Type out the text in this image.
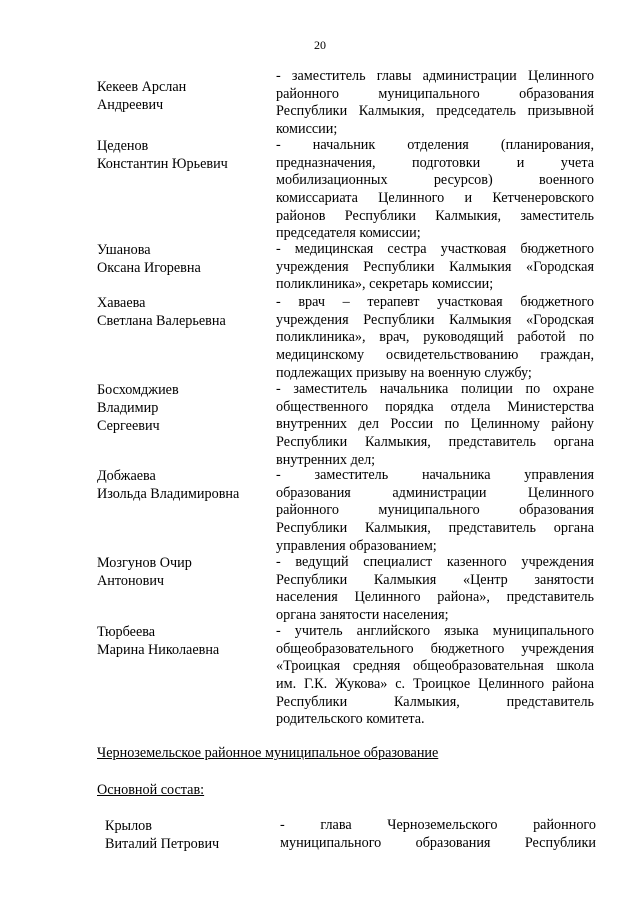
20
Кекеев Арслан
Андреевич
- заместитель главы администрации Целинного
районного муниципального образования
Республики Калмыкия, председатель призывной
комиссии;
Цеденов
Константин Юрьевич
- начальник отделения (планирования,
предназначения, подготовки и учета
мобилизационных ресурсов) военного
комиссариата Целинного и Кетченеровского
районов Республики Калмыкия, заместитель
председателя комиссии;
Ушанова
Оксана Игоревна
- медицинская сестра участковая бюджетного
учреждения Республики Калмыкия «Городская
поликлиника», секретарь комиссии;
Хаваева
Светлана Валерьевна
- врач – терапевт участковая бюджетного
учреждения Республики Калмыкия «Городская
поликлиника», врач, руководящий работой по
медицинскому освидетельствованию граждан,
подлежащих призыву на военную службу;
Босхомджиев
Владимир
Сергеевич
- заместитель начальника полиции по охране
общественного порядка отдела Министерства
внутренних дел России по Целинному району
Республики Калмыкия, представитель органа
внутренних дел;
Добжаева
Изольда Владимировна
- заместитель начальника управления
образования администрации Целинного
районного муниципального образования
Республики Калмыкия, представитель органа
управления образованием;
Мозгунов Очир
Антонович
- ведущий специалист казенного учреждения
Республики Калмыкия «Центр занятости
населения Целинного района», представитель
органа занятости населения;
Тюрбеева
Марина Николаевна
- учитель английского языка муниципального
общеобразовательного бюджетного учреждения
«Троицкая средняя общеобразовательная школа
им. Г.К. Жукова» с. Троицкое Целинного района
Республики Калмыкия, представитель
родительского комитета.
Черноземельское районное муниципальное образование
Основной состав:
Крылов
Виталий Петрович
- глава Черноземельского районного
муниципального образования Республики
